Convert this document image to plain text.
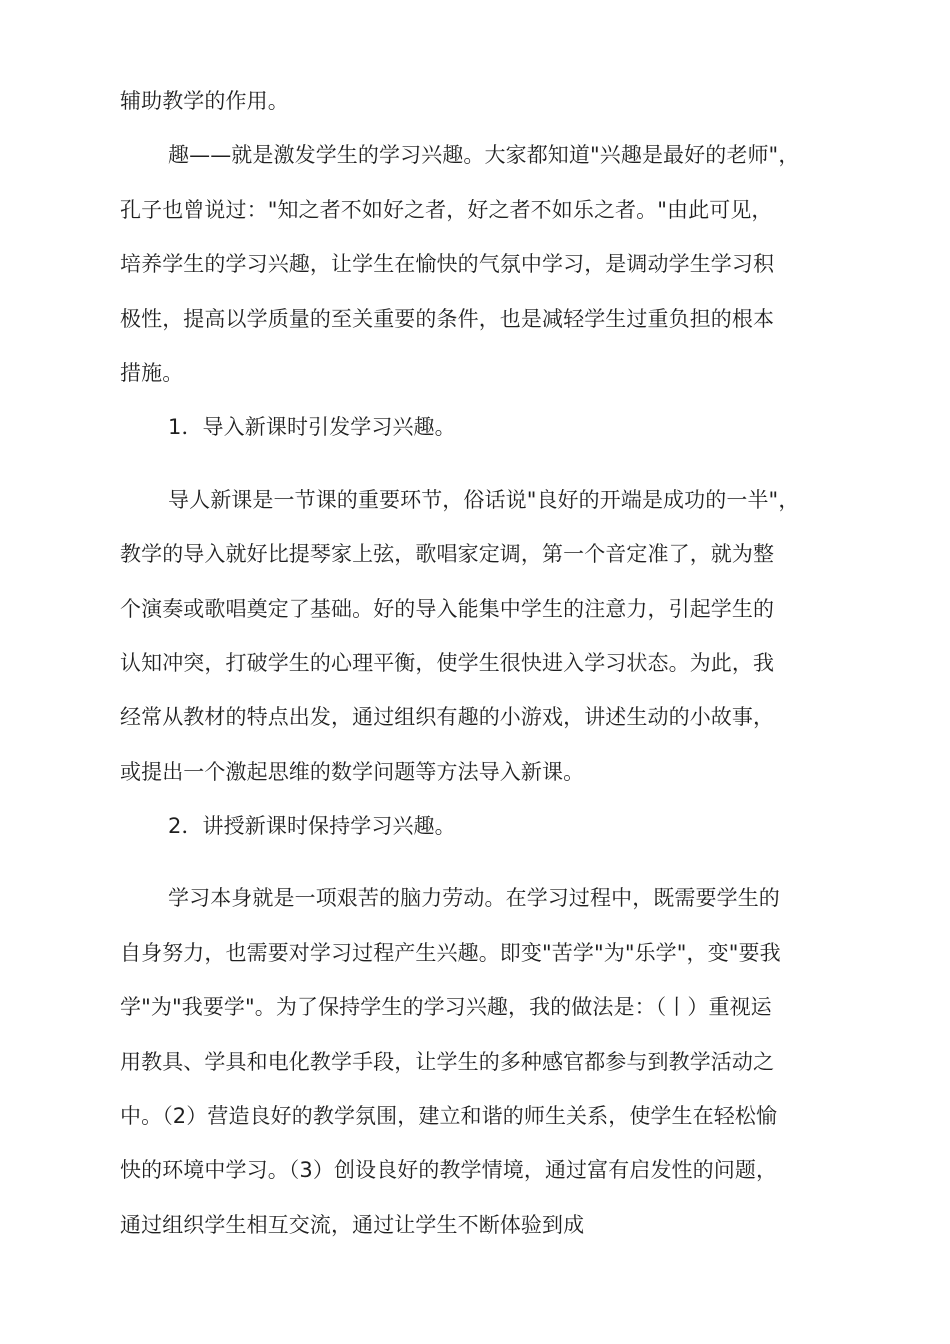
辅助教学的作用。
趣——就是激发学生的学习兴趣。大家都知道"兴趣是最好的老师"，
孔子也曾说过："知之者不如好之者，好之者不如乐之者。"由此可见，
培养学生的学习兴趣，让学生在愉快的气氛中学习，是调动学生学习积
极性，提高以学质量的至关重要的条件，也是减轻学生过重负担的根本
措施。
1．导入新课时引发学习兴趣。
导人新课是一节课的重要环节，俗话说"良好的开端是成功的一半"，
教学的导入就好比提琴家上弦，歌唱家定调，第一个音定准了，就为整
个演奏或歌唱奠定了基础。好的导入能集中学生的注意力，引起学生的
认知冲突，打破学生的心理平衡，使学生很快进入学习状态。为此，我
经常从教材的特点出发，通过组织有趣的小游戏，讲述生动的小故事，
或提出一个激起思维的数学问题等方法导入新课。
2．讲授新课时保持学习兴趣。
学习本身就是一项艰苦的脑力劳动。在学习过程中，既需要学生的
自身努力，也需要对学习过程产生兴趣。即变"苦学"为"乐学"，变"要我
学"为"我要学"。为了保持学生的学习兴趣，我的做法是：（丨）重视运
用教具、学具和电化教学手段，让学生的多种感官都参与到教学活动之
中。（2）营造良好的教学氛围，建立和谐的师生关系，使学生在轻松愉
快的环境中学习。（3）创设良好的教学情境，通过富有启发性的问题，
通过组织学生相互交流，通过让学生不断体验到成
